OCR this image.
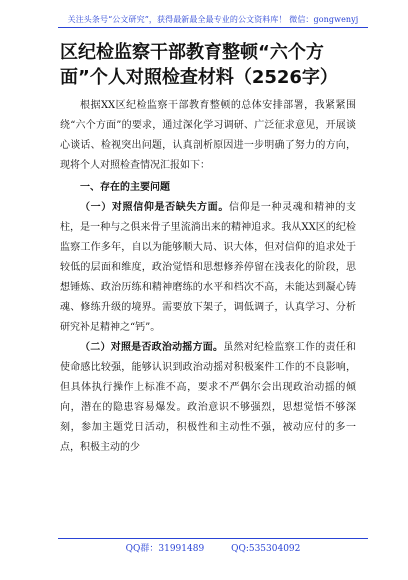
关注头条号“公文研究”，获得最新最全最专业的公文资料库！ 微信：gongwenyj
区纪检监察干部教育整顿“六个方面”个人对照检查材料（2526字）

根据XX区纪检监察干部教育整顿的总体安排部署，我紧紧围绕“六个方面”的要求，通过深化学习调研、广泛征求意见，开展谈心谈话、检视突出问题，认真剖析原因进一步明确了努力的方向，现将个人对照检查情况汇报如下：

一、存在的主要问题

（一）对照信仰是否缺失方面。信仰是一种灵魂和精神的支柱，是一种与之俱来骨子里流淌出来的精神追求。我从XX区的纪检监察工作多年，自以为能够顺大局、识大体，但对信仰的追求处于较低的层面和维度，政治觉悟和思想修养停留在浅表化的阶段，思想锤炼、政治历练和精神磨练的水平和档次不高，未能达到凝心铸魂、修练升级的境界。需要放下架子，调低调子，认真学习、分析研究补足精神之“钙”。

（二）对照是否政治动摇方面。虽然对纪检监察工作的责任和使命感比较强，能够认识到政治动摇对积极案件工作的不良影响，但具体执行操作上标准不高，要求不严偶尔会出现政治动摇的倾向，潜在的隐患容易爆发。政治意识不够强烈，思想觉悟不够深刻，参加主题党日活动，积极性和主动性不强，被动应付的多一点，积极主动的少

QQ群：31991489	QQ:535304092
